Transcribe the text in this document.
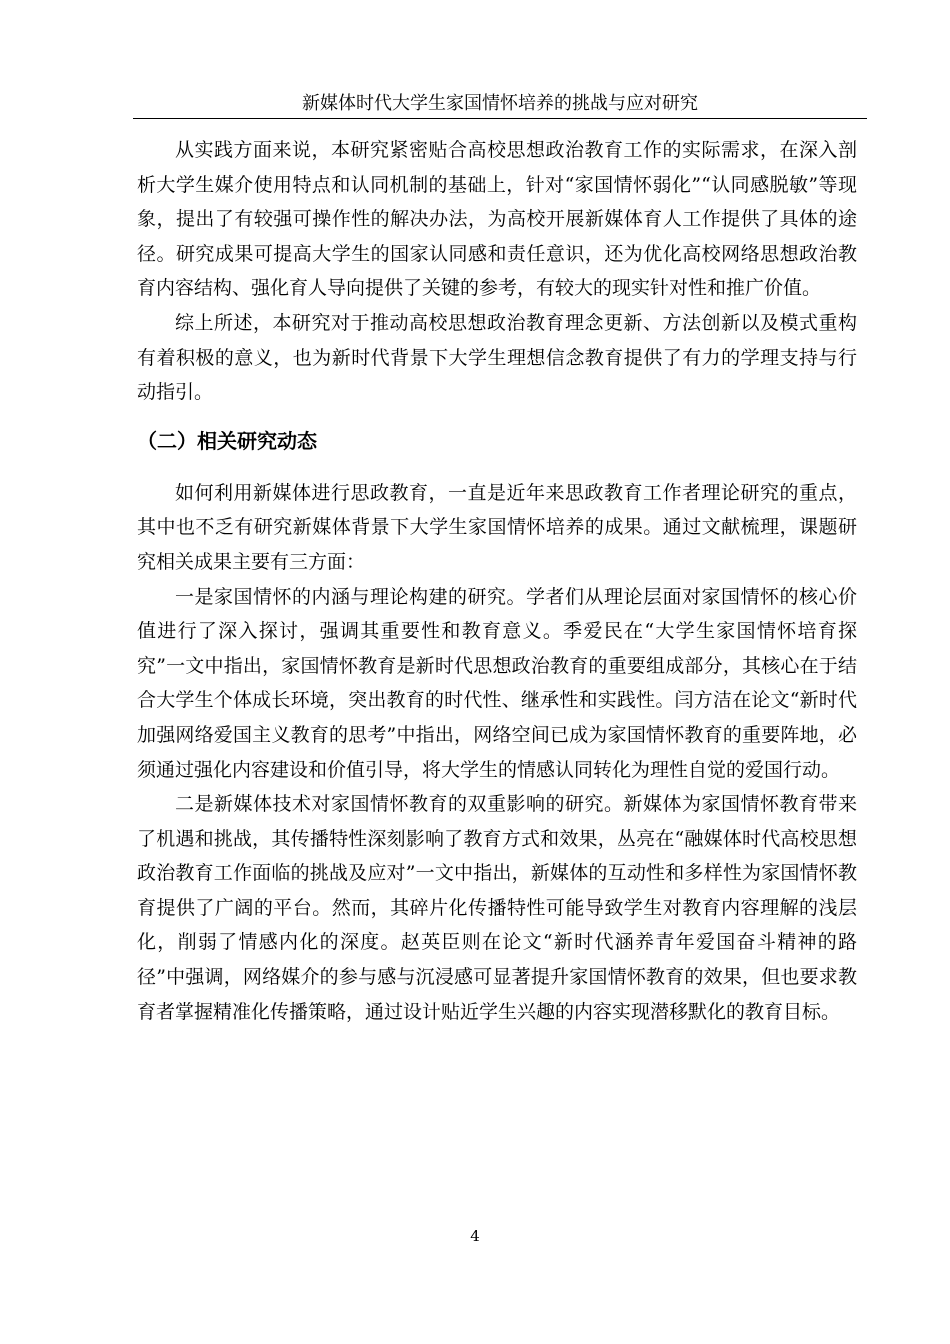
新媒体时代大学生家国情怀培养的挑战与应对研究

从实践方面来说，本研究紧密贴合高校思想政治教育工作的实际需求，在深入剖析大学生媒介使用特点和认同机制的基础上，针对“家国情怀弱化”“认同感脱敏”等现象，提出了有较强可操作性的解决办法，为高校开展新媒体育人工作提供了具体的途径。研究成果可提高大学生的国家认同感和责任意识，还为优化高校网络思想政治教育内容结构、强化育人导向提供了关键的参考，有较大的现实针对性和推广价值。

综上所述，本研究对于推动高校思想政治教育理念更新、方法创新以及模式重构有着积极的意义，也为新时代背景下大学生理想信念教育提供了有力的学理支持与行动指引。

（二）相关研究动态

如何利用新媒体进行思政教育，一直是近年来思政教育工作者理论研究的重点，其中也不乏有研究新媒体背景下大学生家国情怀培养的成果。通过文献梳理，课题研究相关成果主要有三方面：

一是家国情怀的内涵与理论构建的研究。学者们从理论层面对家国情怀的核心价值进行了深入探讨，强调其重要性和教育意义。季爱民在“大学生家国情怀培育探究”一文中指出，家国情怀教育是新时代思想政治教育的重要组成部分，其核心在于结合大学生个体成长环境，突出教育的时代性、继承性和实践性。闫方洁在论文“新时代加强网络爱国主义教育的思考”中指出，网络空间已成为家国情怀教育的重要阵地，必须通过强化内容建设和价值引导，将大学生的情感认同转化为理性自觉的爱国行动。

二是新媒体技术对家国情怀教育的双重影响的研究。新媒体为家国情怀教育带来了机遇和挑战，其传播特性深刻影响了教育方式和效果，丛亮在“融媒体时代高校思想政治教育工作面临的挑战及应对”一文中指出，新媒体的互动性和多样性为家国情怀教育提供了广阔的平台。然而，其碎片化传播特性可能导致学生对教育内容理解的浅层化，削弱了情感内化的深度。赵英臣则在论文“新时代涵养青年爱国奋斗精神的路径”中强调，网络媒介的参与感与沉浸感可显著提升家国情怀教育的效果，但也要求教育者掌握精准化传播策略，通过设计贴近学生兴趣的内容实现潜移默化的教育目标。

4
